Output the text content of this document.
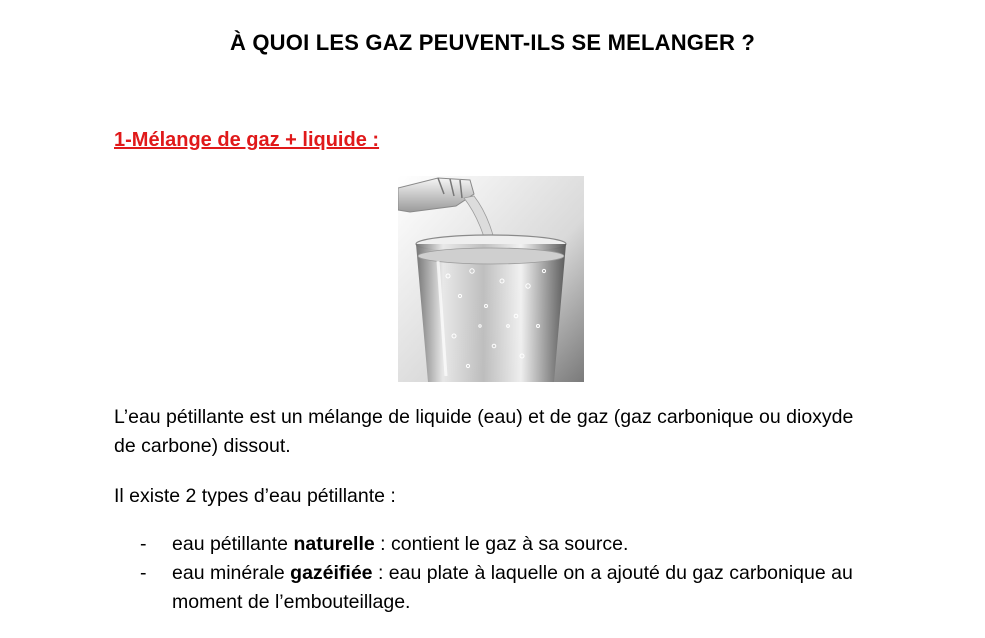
À QUOI LES GAZ PEUVENT-ILS SE MELANGER ?
1-Mélange de gaz + liquide :
L’eau pétillante est un mélange de liquide (eau) et de gaz (gaz carbonique ou dioxyde de carbone) dissout.
Il existe 2 types d’eau pétillante :
-	eau pétillante naturelle : contient le gaz à sa source.
-	eau minérale gazéifiée : eau plate à laquelle on a ajouté du gaz carbonique au moment de l’embouteillage.
